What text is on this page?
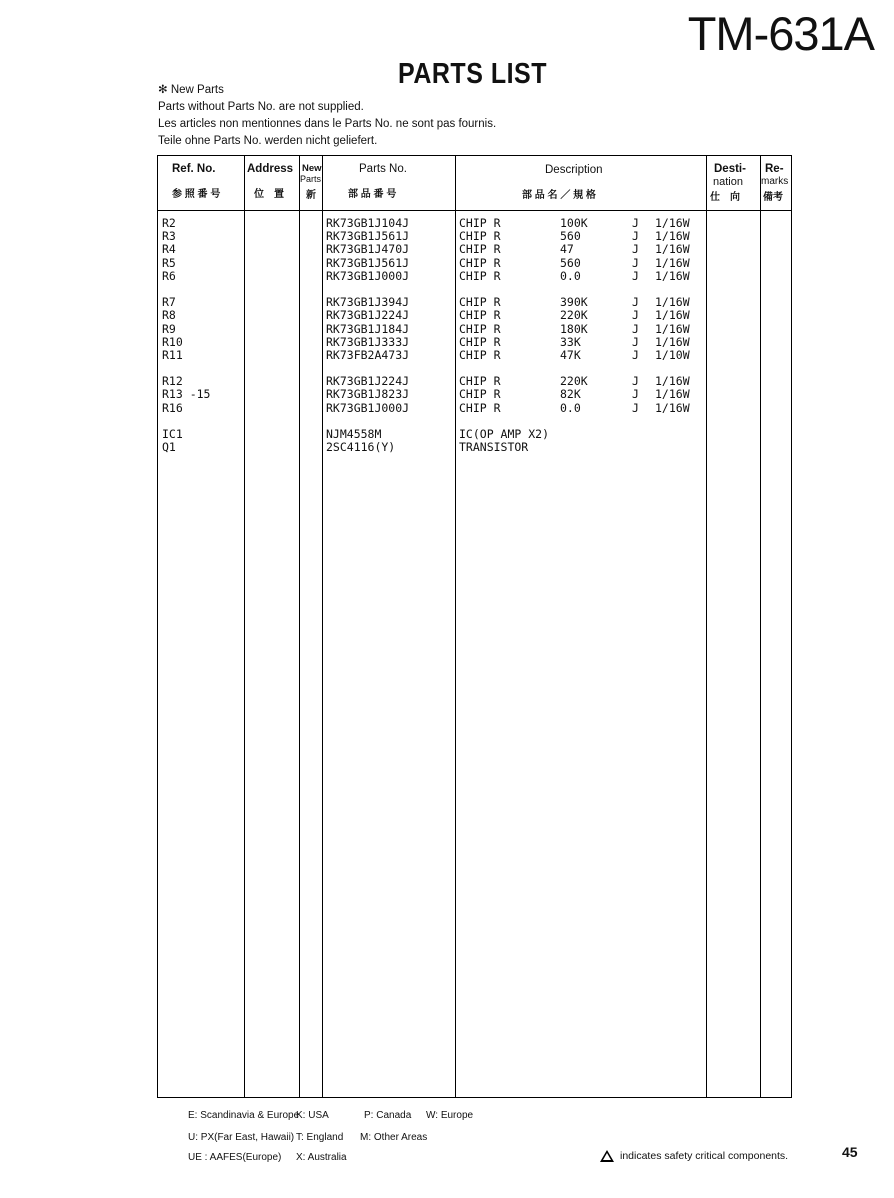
TM-631A
PARTS LIST
✻ New Parts
Parts without Parts No. are not supplied.
Les articles non mentionnes dans le Parts No. ne sont pas fournis.
Teile ohne Parts No. werden nicht geliefert.
Ref. No.
参 照 番 号
Address
位　置
New
Parts
新
Parts No.
部 品 番 号
Description
部 品 名 ／ 規 格
Desti-
nation
仕　向
Re-
marks
備考
R2	RK73GB1J104J	CHIP R	100K	J 1/16W
R3	RK73GB1J561J	CHIP R	560	J 1/16W
R4	RK73GB1J470J	CHIP R	47	J 1/16W
R5	RK73GB1J561J	CHIP R	560	J 1/16W
R6	RK73GB1J000J	CHIP R	0.0	J 1/16W
R7	RK73GB1J394J	CHIP R	390K	J 1/16W
R8	RK73GB1J224J	CHIP R	220K	J 1/16W
R9	RK73GB1J184J	CHIP R	180K	J 1/16W
R10	RK73GB1J333J	CHIP R	33K	J 1/16W
R11	RK73FB2A473J	CHIP R	47K	J 1/10W
R12	RK73GB1J224J	CHIP R	220K	J 1/16W
R13 -15	RK73GB1J823J	CHIP R	82K	J 1/16W
R16	RK73GB1J000J	CHIP R	0.0	J 1/16W
IC1	NJM4558M	IC(OP AMP X2)
Q1	2SC4116(Y)	TRANSISTOR
E: Scandinavia & Europe
K: USA	P: Canada W: Europe
U: PX(Far East, Hawaii) T: England M: Other Areas
UE : AAFES(Europe) X: Australia	indicates safety critical components.	45
